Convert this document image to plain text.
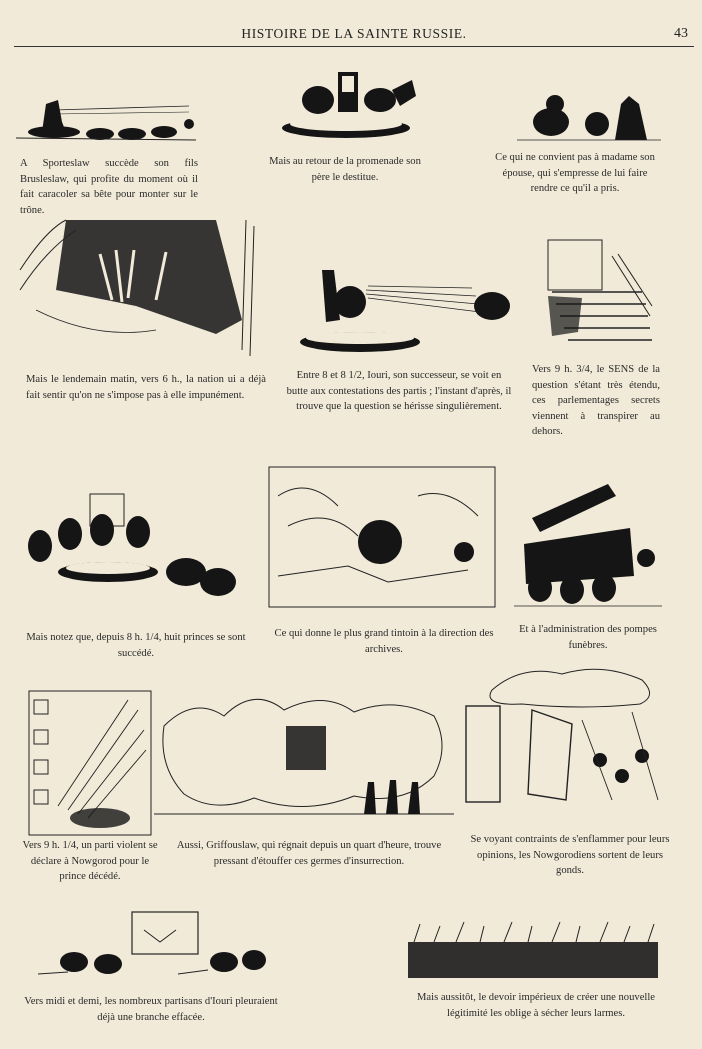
HISTOIRE DE LA SAINTE RUSSIE.	43
A Sporteslaw succède son fils Brusleslaw, qui profite du moment où il fait caracoler sa bête pour monter sur le trône.
Mais au retour de la promenade son père le destitue.
Ce qui ne convient pas à madame son épouse, qui s'empresse de lui faire rendre ce qu'il a pris.
Mais le lendemain matin, vers 6 h., la nation ui a déjà fait sentir qu'on ne s'impose pas à elle impunément.
Entre 8 et 8 1/2, Iouri, son successeur, se voit en butte aux contestations des partis ; l'instant d'après, il trouve que la question se hérisse singulièrement.
Vers 9 h. 3/4, le SENS de la question s'étant très étendu, ces parlementages secrets viennent à transpirer au dehors.
Mais notez que, depuis 8 h. 1/4, huit princes se sont succédé.
Ce qui donne le plus grand tintoin à la direction des archives.
Et à l'administration des pompes funèbres.
Vers 9 h. 1/4, un parti violent se déclare à Nowgorod pour le prince décédé.
Aussi, Griffouslaw, qui régnait depuis un quart d'heure, trouve pressant d'étouffer ces germes d'insurrection.
Se voyant contraints de s'enflammer pour leurs opinions, les Nowgorodiens sortent de leurs gonds.
Vers midi et demi, les nombreux partisans d'Iouri pleuraient déjà une branche effacée.
Mais aussitôt, le devoir impérieux de créer une nouvelle légitimité les oblige à sécher leurs larmes.
